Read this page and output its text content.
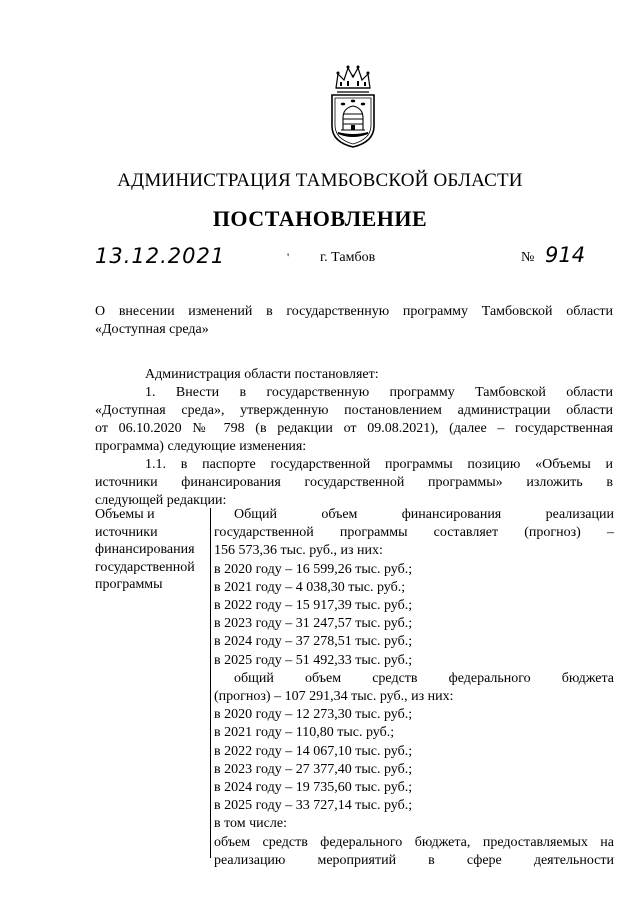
АДМИНИСТРАЦИЯ ТАМБОВСКОЙ ОБЛАСТИ
ПОСТАНОВЛЕНИЕ
13.12.2021	' г. Тамбов	№ 914
О внесении изменений в государственную программу Тамбовской области
«Доступная среда»
Администрация области постановляет:
1. Внести в государственную программу Тамбовской области
«Доступная среда», утвержденную постановлением администрации области
от 06.10.2020 № 798 (в редакции от 09.08.2021), (далее – государственная
программа) следующие изменения:
1.1. в паспорте государственной программы позицию «Объемы и
источники финансирования государственной программы» изложить в
следующей редакции:
Объемы и
источники
финансирования
государственной
программы
Общий объем финансирования реализации
государственной программы составляет (прогноз) –
156 573,36 тыс. руб., из них:
в 2020 году – 16 599,26 тыс. руб.;
в 2021 году – 4 038,30 тыс. руб.;
в 2022 году – 15 917,39 тыс. руб.;
в 2023 году – 31 247,57 тыс. руб.;
в 2024 году – 37 278,51 тыс. руб.;
в 2025 году – 51 492,33 тыс. руб.;
общий объем средств федерального бюджета
(прогноз) – 107 291,34 тыс. руб., из них:
в 2020 году – 12 273,30 тыс. руб.;
в 2021 году – 110,80 тыс. руб.;
в 2022 году – 14 067,10 тыс. руб.;
в 2023 году – 27 377,40 тыс. руб.;
в 2024 году – 19 735,60 тыс. руб.;
в 2025 году – 33 727,14 тыс. руб.;
в том числе:
объем средств федерального бюджета, предоставляемых на
реализацию мероприятий в сфере деятельности
